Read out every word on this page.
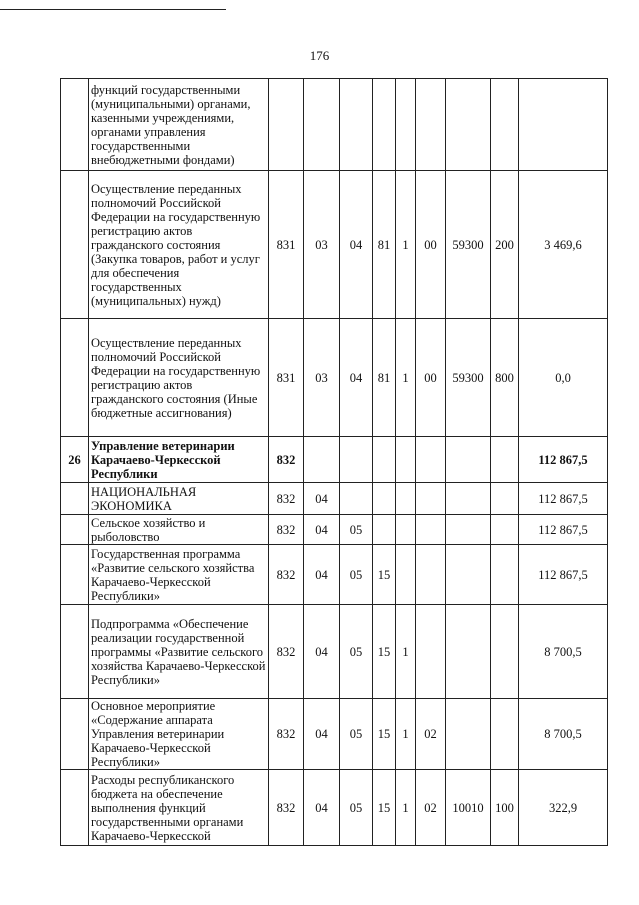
176
	функций государственными (муниципальными) органами, казенными учреждениями, органами управления государственными внебюджетными фондами)									
	Осуществление переданных полномочий Российской Федерации на государственную регистрацию актов гражданского состояния (Закупка товаров, работ и услуг для обеспечения государственных (муниципальных) нужд)	831	03	04	81	1	00	59300	200	3 469,6
	Осуществление переданных полномочий Российской Федерации на государственную регистрацию актов гражданского состояния (Иные бюджетные ассигнования)	831	03	04	81	1	00	59300	800	0,0
26	Управление ветеринарии Карачаево-Черкесской Республики	832								112 867,5
	НАЦИОНАЛЬНАЯ ЭКОНОМИКА	832	04							112 867,5
	Сельское хозяйство и рыболовство	832	04	05						112 867,5
	Государственная программа «Развитие сельского хозяйства Карачаево-Черкесской Республики»	832	04	05	15					112 867,5
	Подпрограмма «Обеспечение реализации государственной программы «Развитие сельского хозяйства Карачаево-Черкесской Республики»	832	04	05	15	1				8 700,5
	Основное мероприятие «Содержание аппарата Управления ветеринарии Карачаево-Черкесской Республики»	832	04	05	15	1	02			8 700,5
	Расходы республиканского бюджета на обеспечение выполнения функций государственными органами Карачаево-Черкесской	832	04	05	15	1	02	10010	100	322,9
